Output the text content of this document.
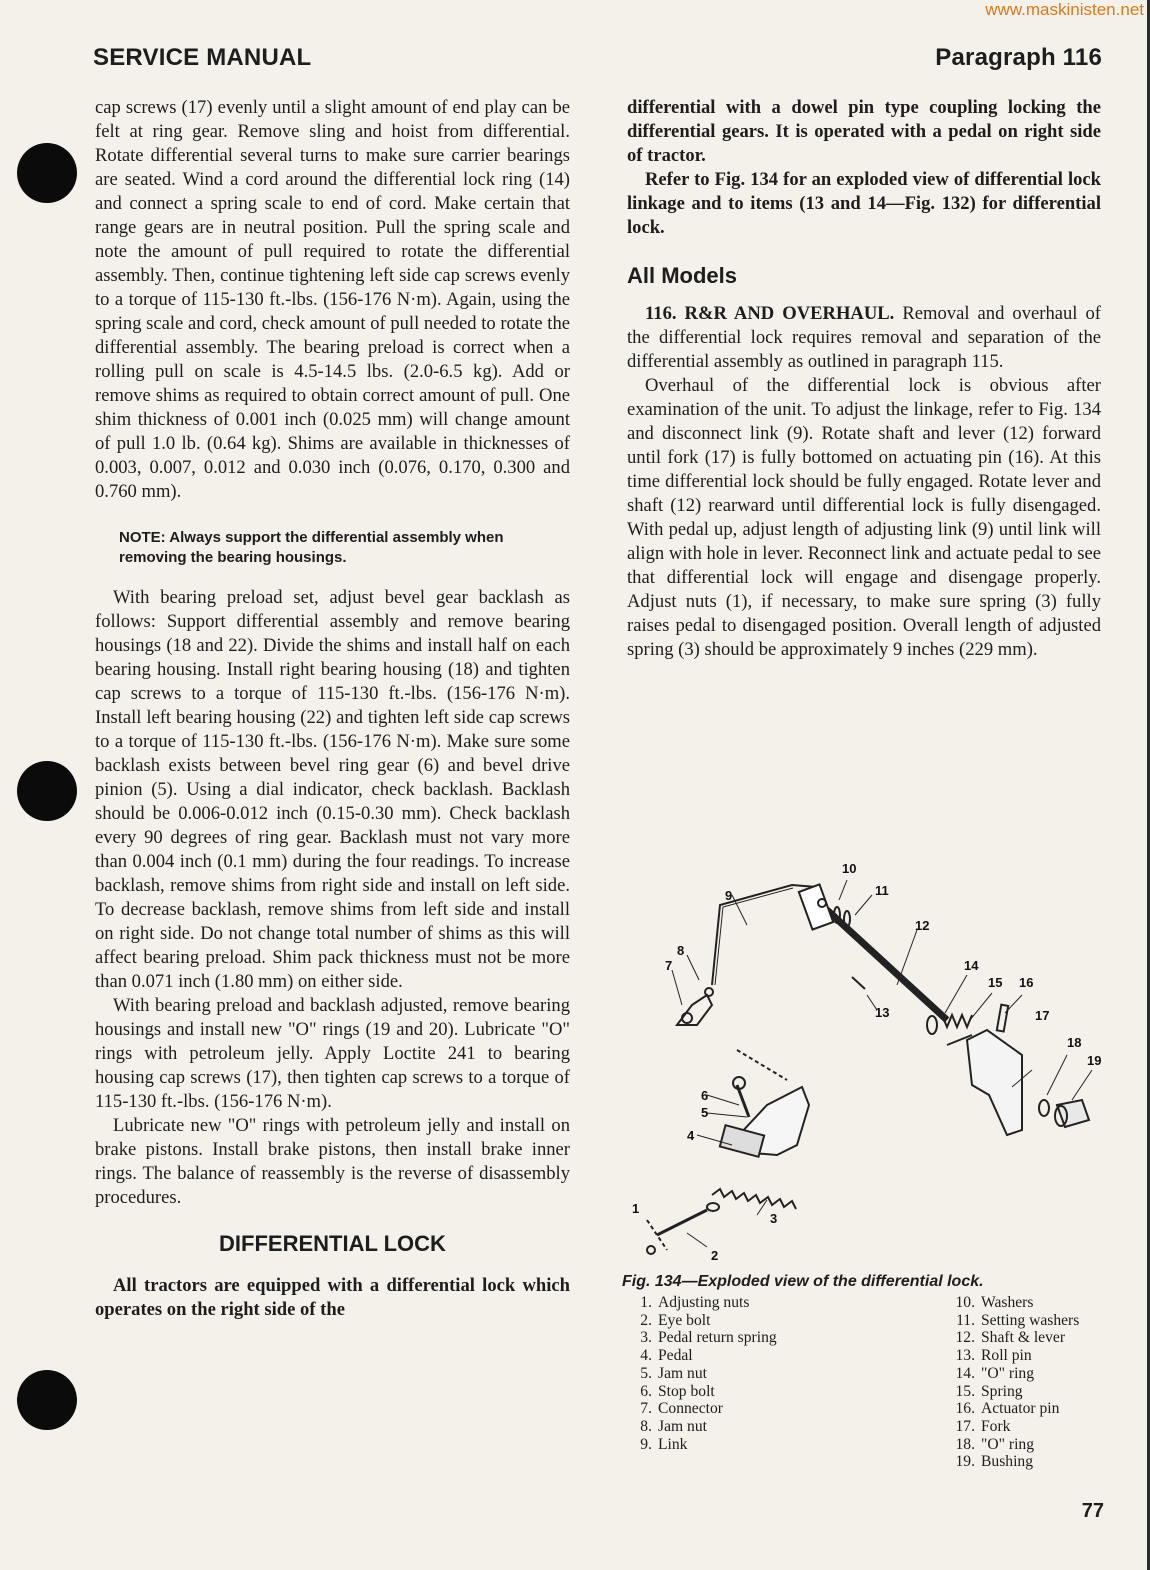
www.maskinisten.net
SERVICE MANUAL	Paragraph 116

cap screws (17) evenly until a slight amount of end play can be felt at ring gear. Remove sling and hoist from differential. Rotate differential several turns to make sure carrier bearings are seated. Wind a cord around the differential lock ring (14) and connect a spring scale to end of cord. Make certain that range gears are in neutral position. Pull the spring scale and note the amount of pull required to rotate the differential assembly. Then, continue tightening left side cap screws evenly to a torque of 115-130 ft.-lbs. (156-176 N·m). Again, using the spring scale and cord, check amount of pull needed to rotate the differential assembly. The bearing preload is correct when a rolling pull on scale is 4.5-14.5 lbs. (2.0-6.5 kg). Add or remove shims as required to obtain correct amount of pull. One shim thickness of 0.001 inch (0.025 mm) will change amount of pull 1.0 lb. (0.64 kg). Shims are available in thicknesses of 0.003, 0.007, 0.012 and 0.030 inch (0.076, 0.170, 0.300 and 0.760 mm).

NOTE: Always support the differential assembly when removing the bearing housings.

With bearing preload set, adjust bevel gear backlash as follows: Support differential assembly and remove bearing housings (18 and 22). Divide the shims and install half on each bearing housing. Install right bearing housing (18) and tighten cap screws to a torque of 115-130 ft.-lbs. (156-176 N·m). Install left bearing housing (22) and tighten left side cap screws to a torque of 115-130 ft.-lbs. (156-176 N·m). Make sure some backlash exists between bevel ring gear (6) and bevel drive pinion (5). Using a dial indicator, check backlash. Backlash should be 0.006-0.012 inch (0.15-0.30 mm). Check backlash every 90 degrees of ring gear. Backlash must not vary more than 0.004 inch (0.1 mm) during the four readings. To increase backlash, remove shims from right side and install on left side. To decrease backlash, remove shims from left side and install on right side. Do not change total number of shims as this will affect bearing preload. Shim pack thickness must not be more than 0.071 inch (1.80 mm) on either side.

With bearing preload and backlash adjusted, remove bearing housings and install new "O" rings (19 and 20). Lubricate "O" rings with petroleum jelly. Apply Loctite 241 to bearing housing cap screws (17), then tighten cap screws to a torque of 115-130 ft.-lbs. (156-176 N·m).

Lubricate new "O" rings with petroleum jelly and install on brake pistons. Install brake pistons, then install brake inner rings. The balance of reassembly is the reverse of disassembly procedures.

DIFFERENTIAL LOCK

All tractors are equipped with a differential lock which operates on the right side of the

differential with a dowel pin type coupling locking the differential gears. It is operated with a pedal on right side of tractor.

Refer to Fig. 134 for an exploded view of differential lock linkage and to items (13 and 14—Fig. 132) for differential lock.

All Models

116. R&R AND OVERHAUL. Removal and overhaul of the differential lock requires removal and separation of the differential assembly as outlined in paragraph 115.

Overhaul of the differential lock is obvious after examination of the unit. To adjust the linkage, refer to Fig. 134 and disconnect link (9). Rotate shaft and lever (12) forward until fork (17) is fully bottomed on actuating pin (16). At this time differential lock should be fully engaged. Rotate lever and shaft (12) rearward until differential lock is fully disengaged. With pedal up, adjust length of adjusting link (9) until link will align with hole in lever. Reconnect link and actuate pedal to see that differential lock will engage and disengage properly. Adjust nuts (1), if necessary, to make sure spring (3) fully raises pedal to disengaged position. Overall length of adjusted spring (3) should be approximately 9 inches (229 mm).

10
11
9
12
14
15 16
17
18
19
13
8
7
6
5
4
3
2
1
Fig. 134—Exploded view of the differential lock.
1. Adjusting nuts
2. Eye bolt
3. Pedal return spring
4. Pedal
5. Jam nut
6. Stop bolt
7. Connector
8. Jam nut
9. Link
10. Washers
11. Setting washers
12. Shaft & lever
13. Roll pin
14. "O" ring
15. Spring
16. Actuator pin
17. Fork
18. "O" ring
19. Bushing
77
